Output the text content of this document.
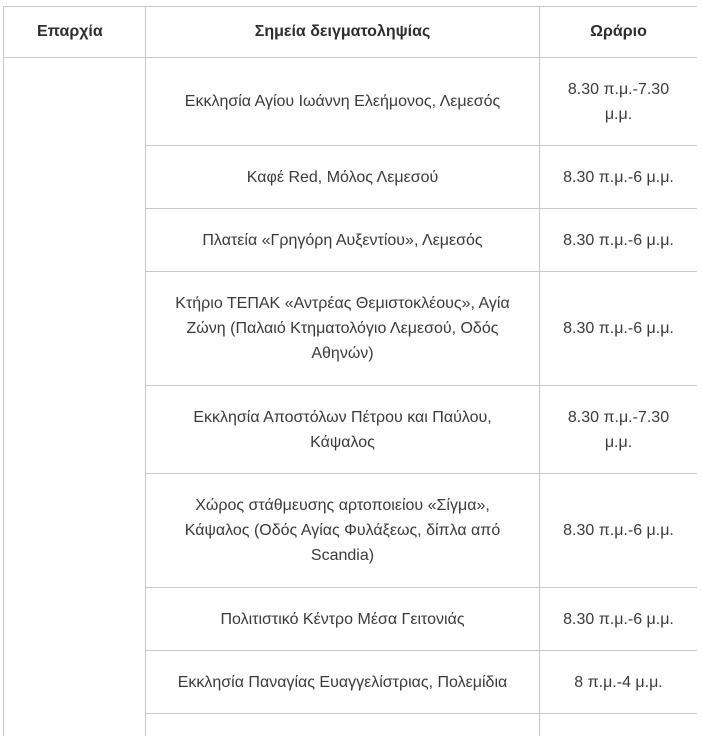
Επαρχία	Σημεία δειγματοληψίας	Ωράριο
	Εκκλησία Αγίου Ιωάννη Ελεήμονος, Λεμεσός	8.30 π.μ.-7.30 μ.μ.
	Καφέ Red, Μόλος Λεμεσού	8.30 π.μ.-6 μ.μ.
	Πλατεία «Γρηγόρη Αυξεντίου», Λεμεσός	8.30 π.μ.-6 μ.μ.
	Κτήριο ΤΕΠΑΚ «Αντρέας Θεμιστοκλέους», Αγία Ζώνη (Παλαιό Κτηματολόγιο Λεμεσού, Οδός Αθηνών)	8.30 π.μ.-6 μ.μ.
	Εκκλησία Αποστόλων Πέτρου και Παύλου, Κάψαλος	8.30 π.μ.-7.30 μ.μ.
	Χώρος στάθμευσης αρτοποιείου «Σίγμα», Κάψαλος (Οδός Αγίας Φυλάξεως, δίπλα από Scandia)	8.30 π.μ.-6 μ.μ.
	Πολιτιστικό Κέντρο Μέσα Γειτονιάς	8.30 π.μ.-6 μ.μ.
	Εκκλησία Παναγίας Ευαγγελίστριας, Πολεμίδια	8 π.μ.-4 μ.μ.
